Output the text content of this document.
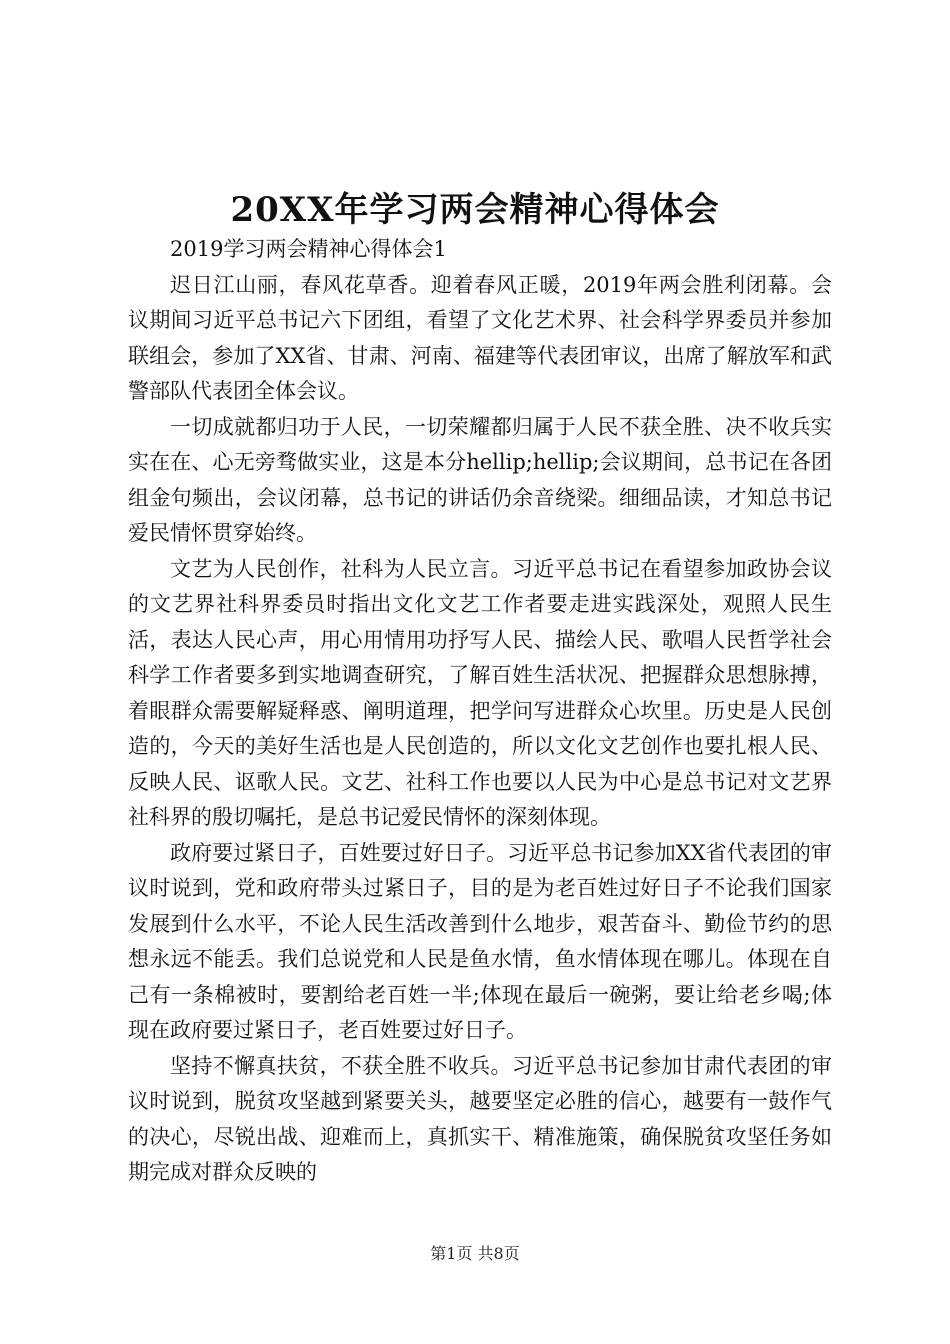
20XX年学习两会精神心得体会

2019学习两会精神心得体会1

迟日江山丽，春风花草香。迎着春风正暖，2019年两会胜利闭幕。会议期间习近平总书记六下团组，看望了文化艺术界、社会科学界委员并参加联组会，参加了XX省、甘肃、河南、福建等代表团审议，出席了解放军和武警部队代表团全体会议。

一切成就都归功于人民，一切荣耀都归属于人民不获全胜、决不收兵实实在在、心无旁骛做实业，这是本分hellip;hellip;会议期间，总书记在各团组金句频出，会议闭幕，总书记的讲话仍余音绕梁。细细品读，才知总书记爱民情怀贯穿始终。

文艺为人民创作，社科为人民立言。习近平总书记在看望参加政协会议的文艺界社科界委员时指出文化文艺工作者要走进实践深处，观照人民生活，表达人民心声，用心用情用功抒写人民、描绘人民、歌唱人民哲学社会科学工作者要多到实地调查研究，了解百姓生活状况、把握群众思想脉搏，着眼群众需要解疑释惑、阐明道理，把学问写进群众心坎里。历史是人民创造的，今天的美好生活也是人民创造的，所以文化文艺创作也要扎根人民、反映人民、讴歌人民。文艺、社科工作也要以人民为中心是总书记对文艺界社科界的殷切嘱托，是总书记爱民情怀的深刻体现。

政府要过紧日子，百姓要过好日子。习近平总书记参加XX省代表团的审议时说到，党和政府带头过紧日子，目的是为老百姓过好日子不论我们国家发展到什么水平，不论人民生活改善到什么地步，艰苦奋斗、勤俭节约的思想永远不能丢。我们总说党和人民是鱼水情，鱼水情体现在哪儿。体现在自己有一条棉被时，要割给老百姓一半;体现在最后一碗粥，要让给老乡喝;体现在政府要过紧日子，老百姓要过好日子。

坚持不懈真扶贫，不获全胜不收兵。习近平总书记参加甘肃代表团的审议时说到，脱贫攻坚越到紧要关头，越要坚定必胜的信心，越要有一鼓作气的决心，尽锐出战、迎难而上，真抓实干、精准施策，确保脱贫攻坚任务如期完成对群众反映的

第1页 共8页
